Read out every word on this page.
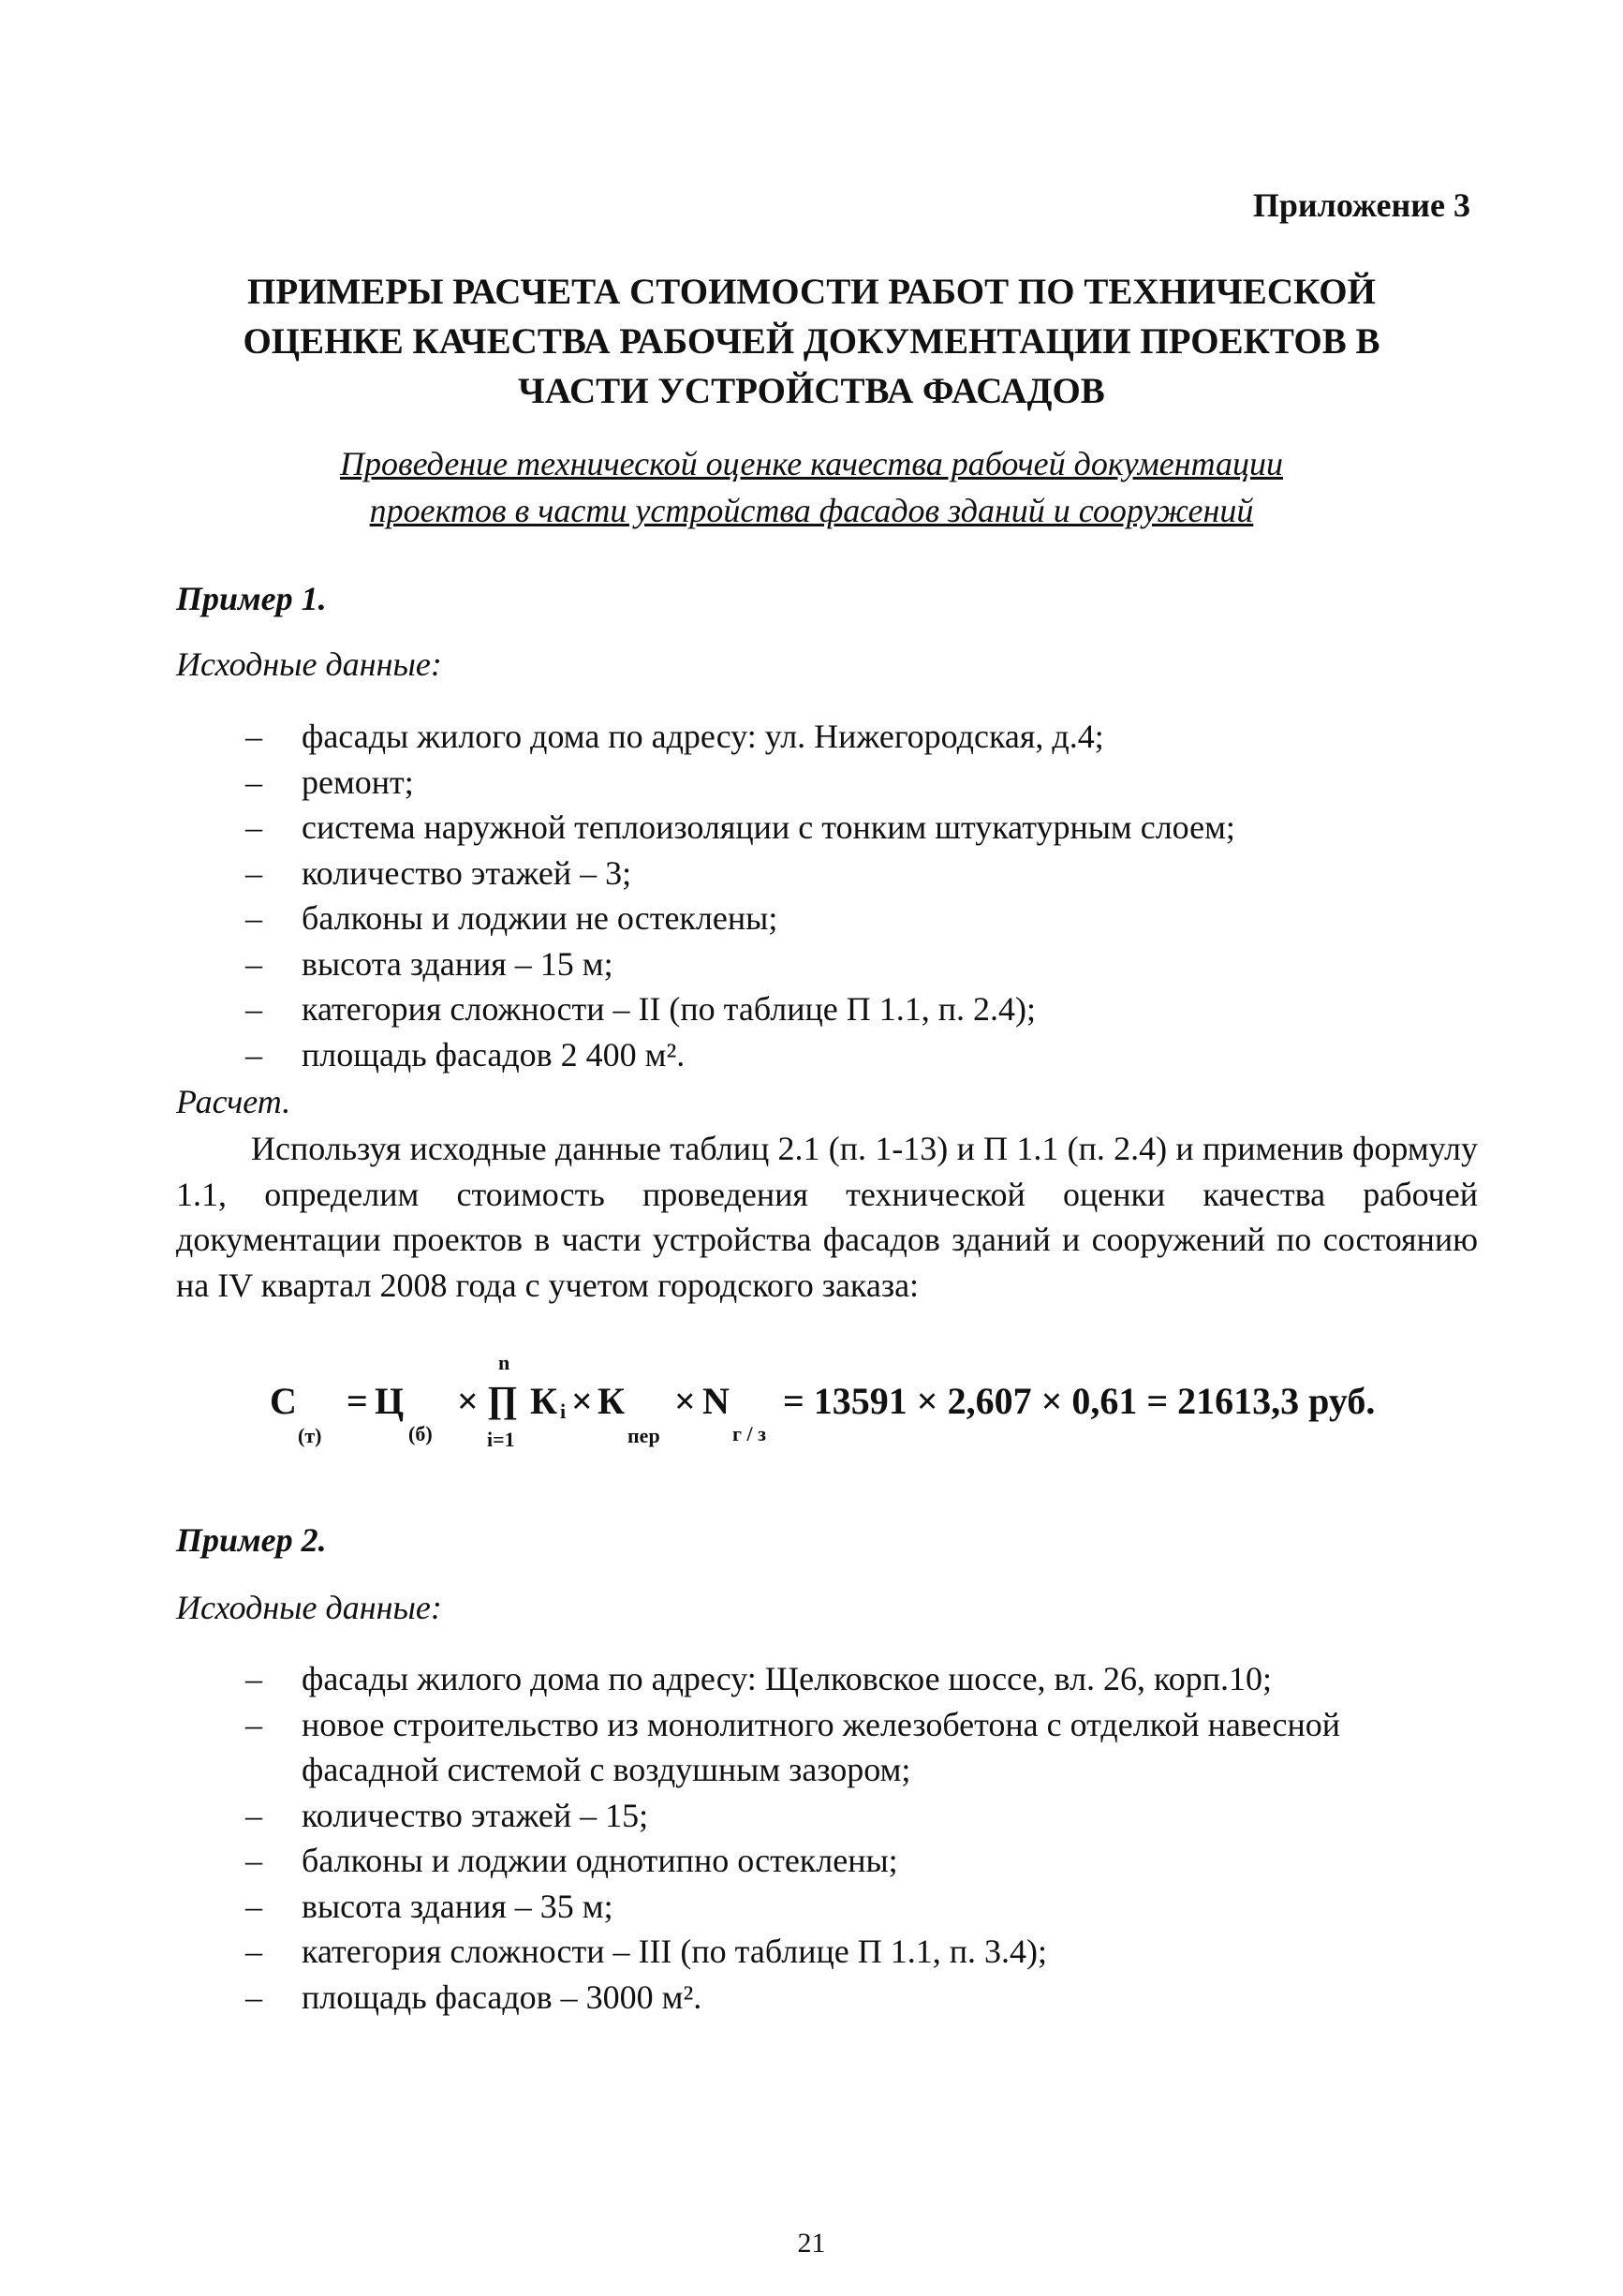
Приложение 3
ПРИМЕРЫ РАСЧЕТА СТОИМОСТИ РАБОТ ПО ТЕХНИЧЕСКОЙ
ОЦЕНКЕ КАЧЕСТВА РАБОЧЕЙ ДОКУМЕНТАЦИИ ПРОЕКТОВ В
ЧАСТИ УСТРОЙСТВА ФАСАДОВ
Проведение технической оценке качества рабочей документации
проектов в части устройства фасадов зданий и сооружений
Пример 1.
Исходные данные:
– фасады жилого дома по адресу: ул. Нижегородская, д.4;
– ремонт;
– система наружной теплоизоляции с тонким штукатурным слоем;
– количество этажей – 3;
– балконы и лоджии не остеклены;
– высота здания – 15 м;
– категория сложности – II (по таблице П 1.1, п. 2.4);
– площадь фасадов 2 400 м².
Расчет.
Используя исходные данные таблиц 2.1 (п. 1-13) и П 1.1 (п. 2.4) и применив формулу 1.1, определим стоимость проведения технической оценки качества рабочей документации проектов в части устройства фасадов зданий и сооружений по состоянию на IV квартал 2008 года с учетом городского заказа:
С
(т)
= Ц
(б)
×
n
∏
i=1
К i × К
пер
× N
г / з
= 13591 × 2,607 × 0,61 = 21613,3 руб.
Пример 2.
Исходные данные:
– фасады жилого дома по адресу: Щелковское шоссе, вл. 26, корп.10;
– новое строительство из монолитного железобетона с отделкой навесной фасадной системой с воздушным зазором;
– количество этажей – 15;
– балконы и лоджии однотипно остеклены;
– высота здания – 35 м;
– категория сложности – III (по таблице П 1.1, п. 3.4);
– площадь фасадов – 3000 м².
21
